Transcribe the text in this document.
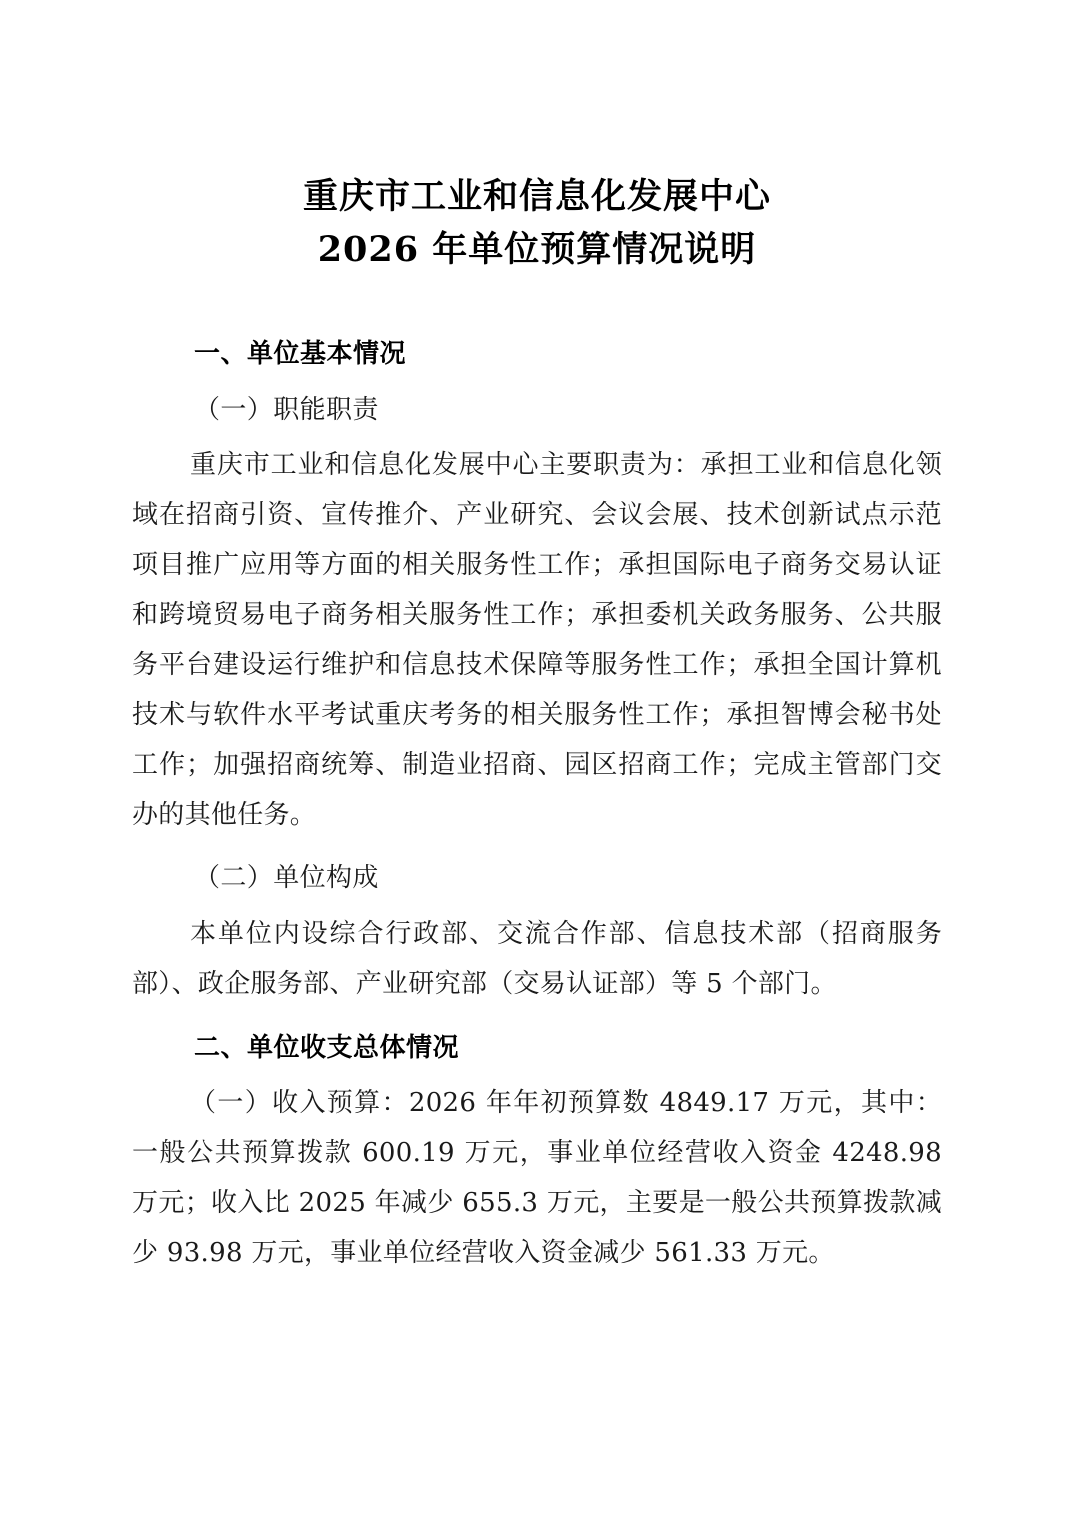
重庆市工业和信息化发展中心
2026 年单位预算情况说明
一、单位基本情况

（一）职能职责

重庆市工业和信息化发展中心主要职责为：承担工业和信息化领域在招商引资、宣传推介、产业研究、会议会展、技术创新试点示范项目推广应用等方面的相关服务性工作；承担国际电子商务交易认证和跨境贸易电子商务相关服务性工作；承担委机关政务服务、公共服务平台建设运行维护和信息技术保障等服务性工作；承担全国计算机技术与软件水平考试重庆考务的相关服务性工作；承担智博会秘书处工作；加强招商统筹、制造业招商、园区招商工作；完成主管部门交办的其他任务。

（二）单位构成

本单位内设综合行政部、交流合作部、信息技术部（招商服务部）、政企服务部、产业研究部（交易认证部）等 5 个部门。

二、单位收支总体情况

（一）收入预算：2026 年年初预算数 4849.17 万元，其中：一般公共预算拨款 600.19 万元，事业单位经营收入资金 4248.98 万元；收入比 2025 年减少 655.3 万元，主要是一般公共预算拨款减少 93.98 万元，事业单位经营收入资金减少 561.33 万元。
